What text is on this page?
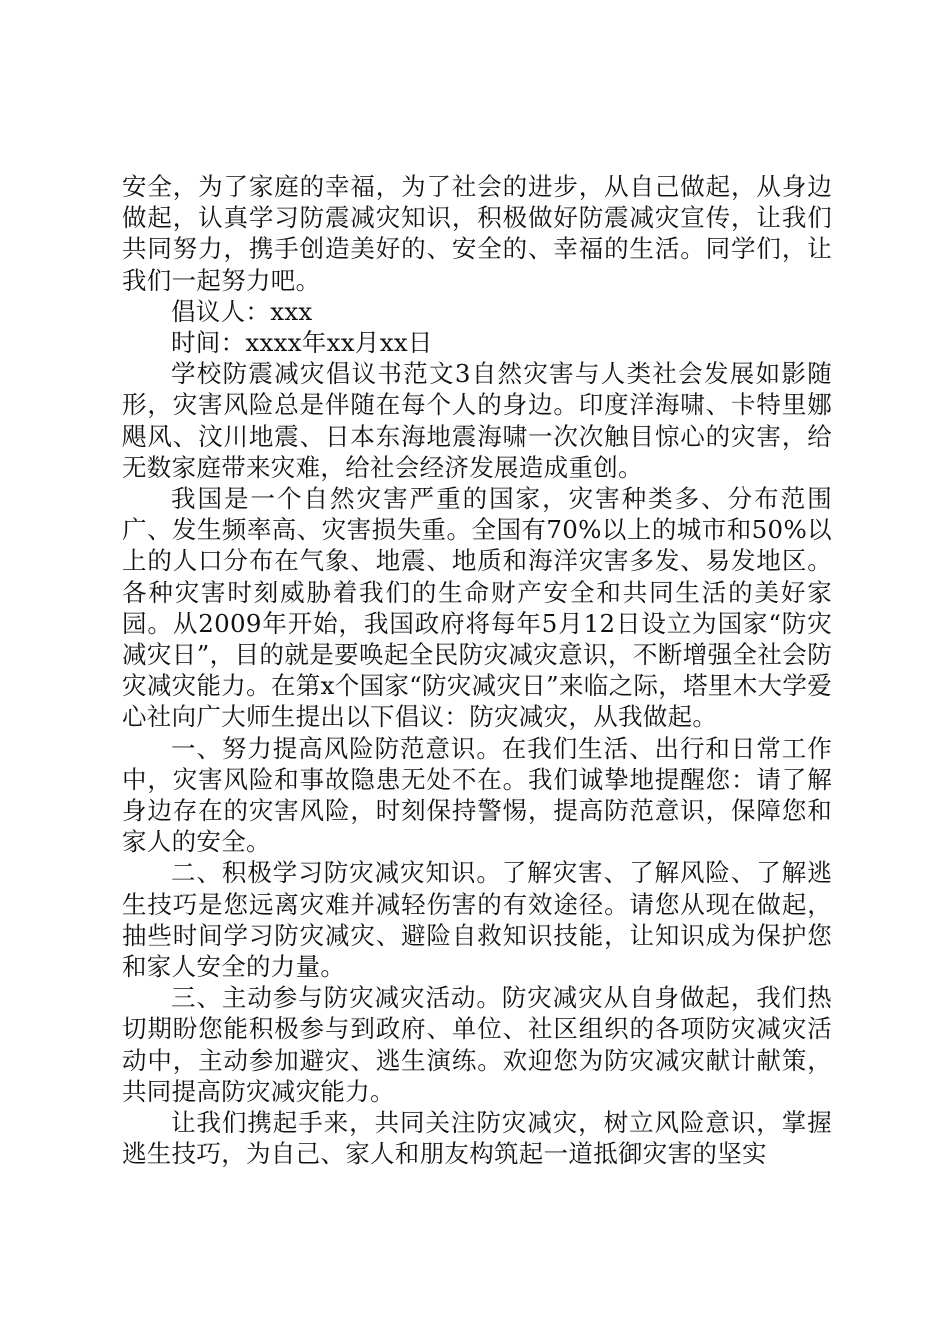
安全，为了家庭的幸福，为了社会的进步，从自己做起，从身边做起，认真学习防震减灾知识，积极做好防震减灾宣传，让我们共同努力，携手创造美好的、安全的、幸福的生活。同学们，让我们一起努力吧。

倡议人：xxx

时间：xxxx年xx月xx日

学校防震减灾倡议书范文3自然灾害与人类社会发展如影随形，灾害风险总是伴随在每个人的身边。印度洋海啸、卡特里娜飓风、汶川地震、日本东海地震海啸一次次触目惊心的灾害，给无数家庭带来灾难，给社会经济发展造成重创。

我国是一个自然灾害严重的国家，灾害种类多、分布范围广、发生频率高、灾害损失重。全国有70%以上的城市和50%以上的人口分布在气象、地震、地质和海洋灾害多发、易发地区。各种灾害时刻威胁着我们的生命财产安全和共同生活的美好家园。从2009年开始，我国政府将每年5月12日设立为国家“防灾减灾日”，目的就是要唤起全民防灾减灾意识，不断增强全社会防灾减灾能力。在第x个国家“防灾减灾日”来临之际，塔里木大学爱心社向广大师生提出以下倡议：防灾减灾，从我做起。

一、努力提高风险防范意识。在我们生活、出行和日常工作中，灾害风险和事故隐患无处不在。我们诚挚地提醒您：请了解身边存在的灾害风险，时刻保持警惕，提高防范意识，保障您和家人的安全。

二、积极学习防灾减灾知识。了解灾害、了解风险、了解逃生技巧是您远离灾难并减轻伤害的有效途径。请您从现在做起，抽些时间学习防灾减灾、避险自救知识技能，让知识成为保护您和家人安全的力量。

三、主动参与防灾减灾活动。防灾减灾从自身做起，我们热切期盼您能积极参与到政府、单位、社区组织的各项防灾减灾活动中，主动参加避灾、逃生演练。欢迎您为防灾减灾献计献策，共同提高防灾减灾能力。

让我们携起手来，共同关注防灾减灾，树立风险意识，掌握逃生技巧，为自己、家人和朋友构筑起一道抵御灾害的坚实
